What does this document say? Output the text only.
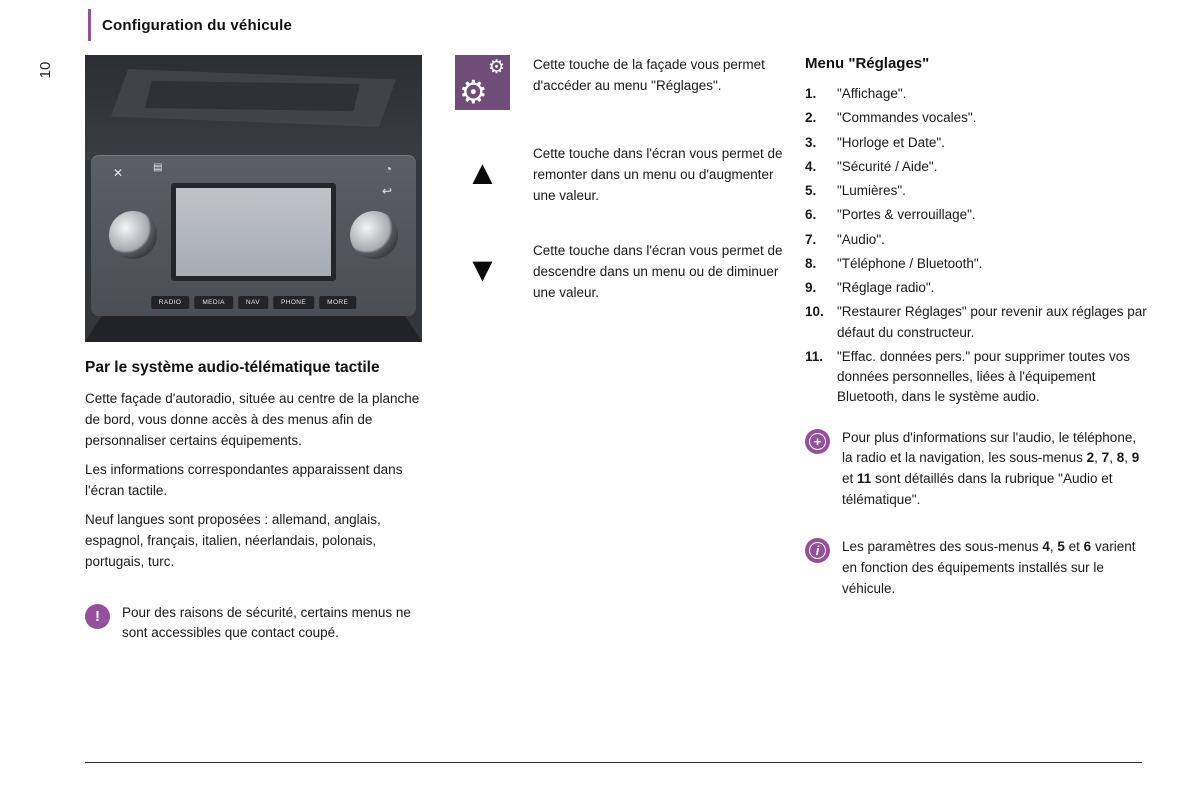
Configuration du véhicule
10
✕	▤	◔
↩
RADIO	MEDIA	NAV	PHONE	MORE
Par le système audio-télématique tactile

Cette façade d'autoradio, située au centre de la planche de bord, vous donne accès à des menus afin de personnaliser certains équipements.

Les informations correspondantes apparaissent dans l'écran tactile.

Neuf langues sont proposées : allemand, anglais, espagnol, français, italien, néerlandais, polonais, portugais, turc.

!	Pour des raisons de sécurité, certains menus ne sont accessibles que contact coupé.
⚙
⚙ Cette touche de la façade vous permet d'accéder au menu "Réglages".
▲
Cette touche dans l'écran vous permet de remonter dans un menu ou d'augmenter une valeur.
▼
Cette touche dans l'écran vous permet de descendre dans un menu ou de diminuer une valeur.
Menu "Réglages"
1.	"Affichage".
2.	"Commandes vocales".
3.	"Horloge et Date".
4.	"Sécurité / Aide".
5.	"Lumières".
6.	"Portes & verrouillage".
7.	"Audio".
8.	"Téléphone / Bluetooth".
9.	"Réglage radio".
10. "Restaurer Réglages" pour revenir aux réglages par défaut du constructeur.
11.	"Effac. données pers." pour supprimer toutes vos données personnelles, liées à l'équipement Bluetooth, dans le système audio.
+	Pour plus d'informations sur l'audio, le téléphone, la radio et la navigation, les sous-menus 2, 7, 8, 9 et 11 sont détaillés dans la rubrique "Audio et télématique".
i	Les paramètres des sous-menus 4, 5 et 6 varient en fonction des équipements installés sur le véhicule.
